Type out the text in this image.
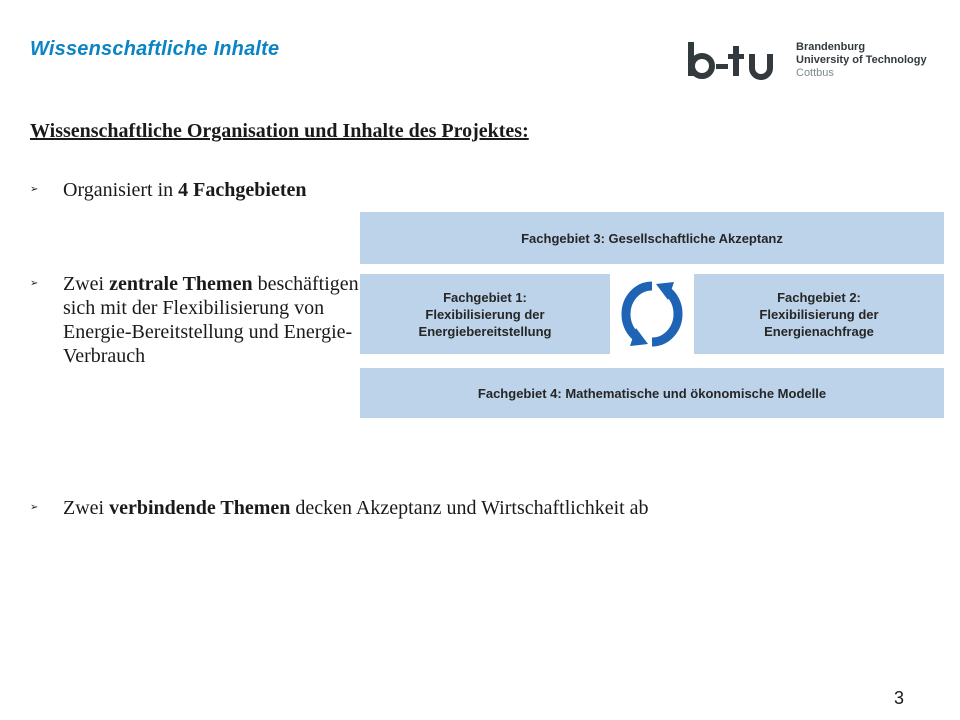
Wissenschaftliche Inhalte	Brandenburg
University of Technology
Cottbus
Wissenschaftliche Organisation und Inhalte des Projektes:
➢	Organisiert in 4 Fachgebieten
➢	Zwei zentrale Themen beschäftigen sich mit der Flexibilisierung von Energie-Bereitstellung und Energie-Verbrauch
➢	Zwei verbindende Themen decken Akzeptanz und Wirtschaftlichkeit ab
Fachgebiet 3: Gesellschaftliche Akzeptanz
Fachgebiet 1:
Flexibilisierung der
Energiebereitstellung
Fachgebiet 2:
Flexibilisierung der
Energienachfrage
Fachgebiet 4: Mathematische und ökonomische Modelle
3
